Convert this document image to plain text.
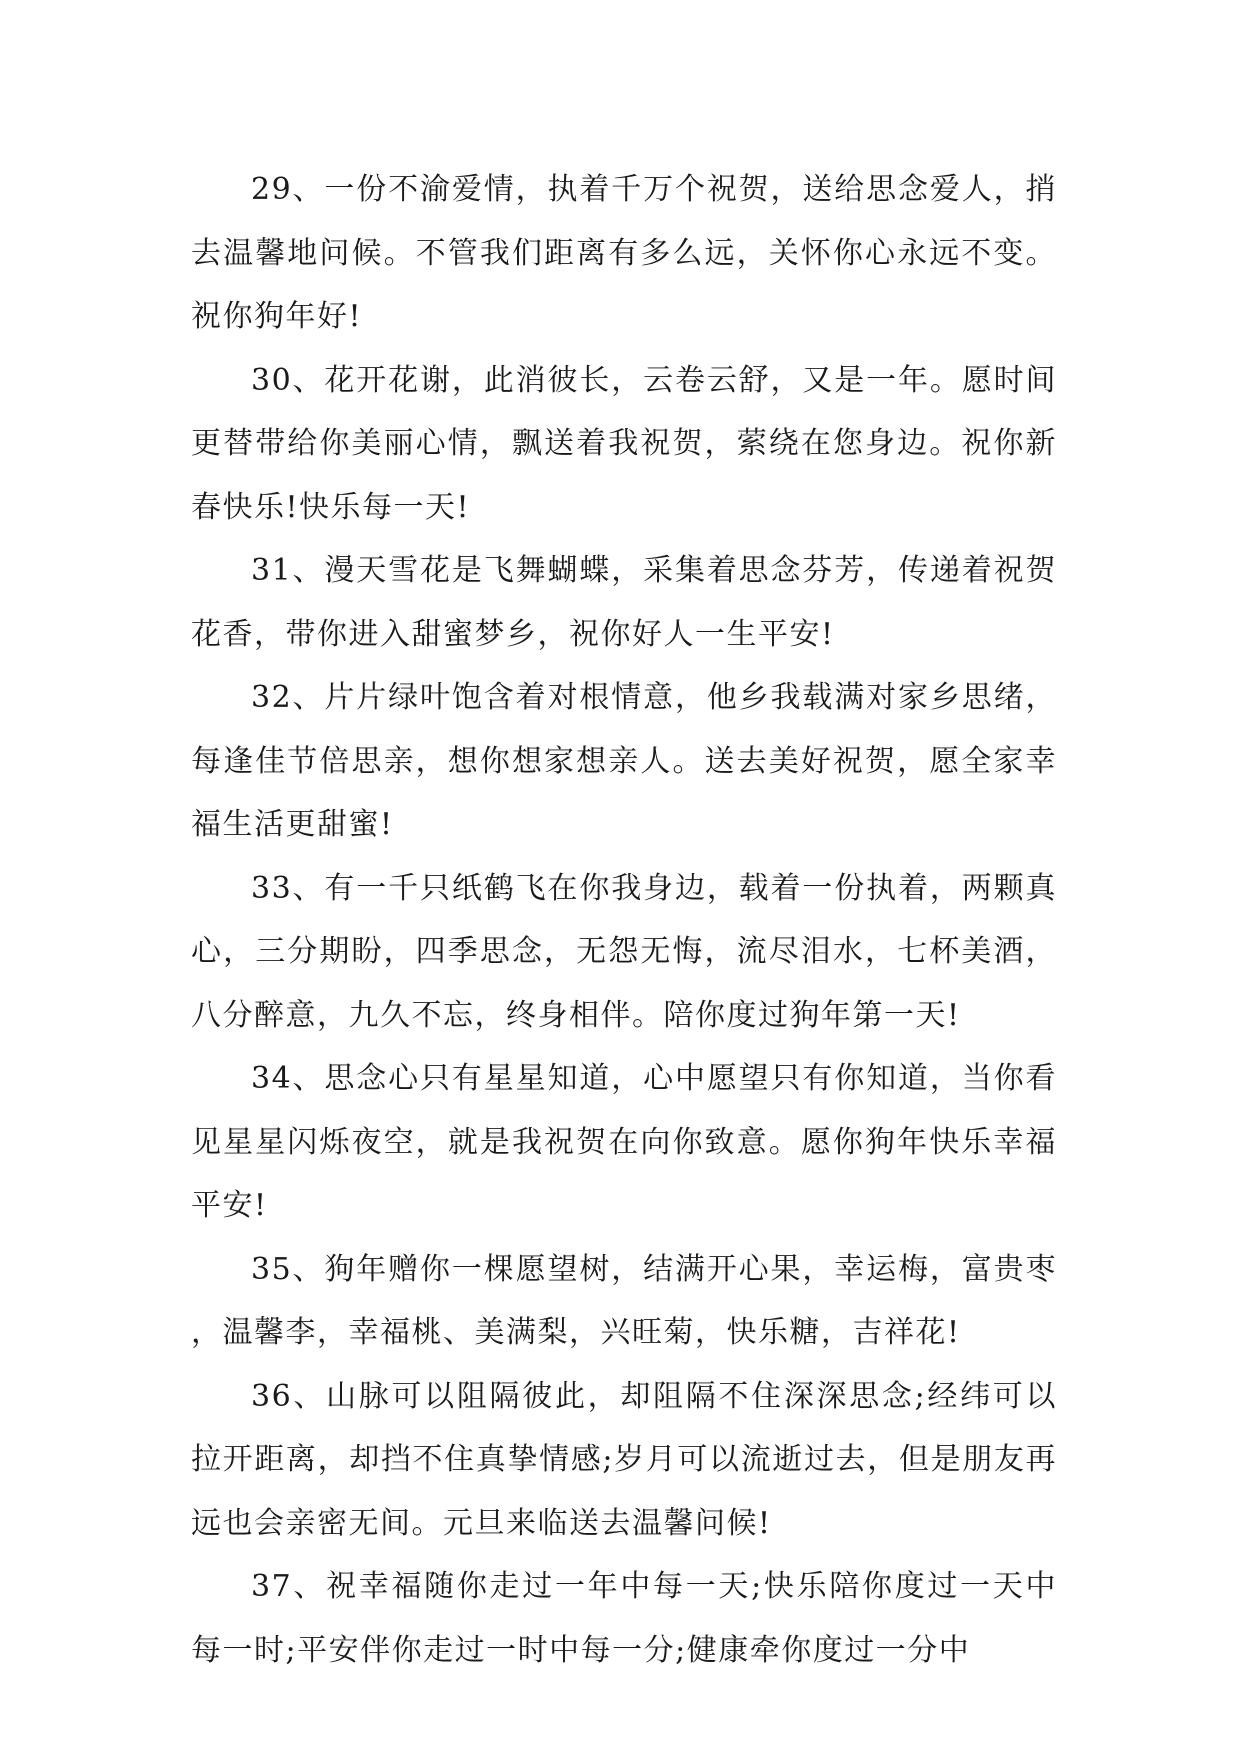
29、一份不渝爱情，执着千万个祝贺，送给思念爱人，捎去温馨地问候。不管我们距离有多么远，关怀你心永远不变。祝你狗年好!

30、花开花谢，此消彼长，云卷云舒，又是一年。愿时间更替带给你美丽心情，飘送着我祝贺，萦绕在您身边。祝你新春快乐!快乐每一天!

31、漫天雪花是飞舞蝴蝶，采集着思念芬芳，传递着祝贺花香，带你进入甜蜜梦乡，祝你好人一生平安!

32、片片绿叶饱含着对根情意，他乡我载满对家乡思绪，每逢佳节倍思亲，想你想家想亲人。送去美好祝贺，愿全家幸福生活更甜蜜!

33、有一千只纸鹤飞在你我身边，载着一份执着，两颗真心，三分期盼，四季思念，无怨无悔，流尽泪水，七杯美酒，八分醉意，九久不忘，终身相伴。陪你度过狗年第一天!

34、思念心只有星星知道，心中愿望只有你知道，当你看见星星闪烁夜空，就是我祝贺在向你致意。愿你狗年快乐幸福平安!

35、狗年赠你一棵愿望树，结满开心果，幸运梅，富贵枣，温馨李，幸福桃、美满梨，兴旺菊，快乐糖，吉祥花!

36、山脉可以阻隔彼此，却阻隔不住深深思念;经纬可以拉开距离，却挡不住真挚情感;岁月可以流逝过去，但是朋友再远也会亲密无间。元旦来临送去温馨问候!

37、祝幸福随你走过一年中每一天;快乐陪你度过一天中每一时;平安伴你走过一时中每一分;健康牵你度过一分中
